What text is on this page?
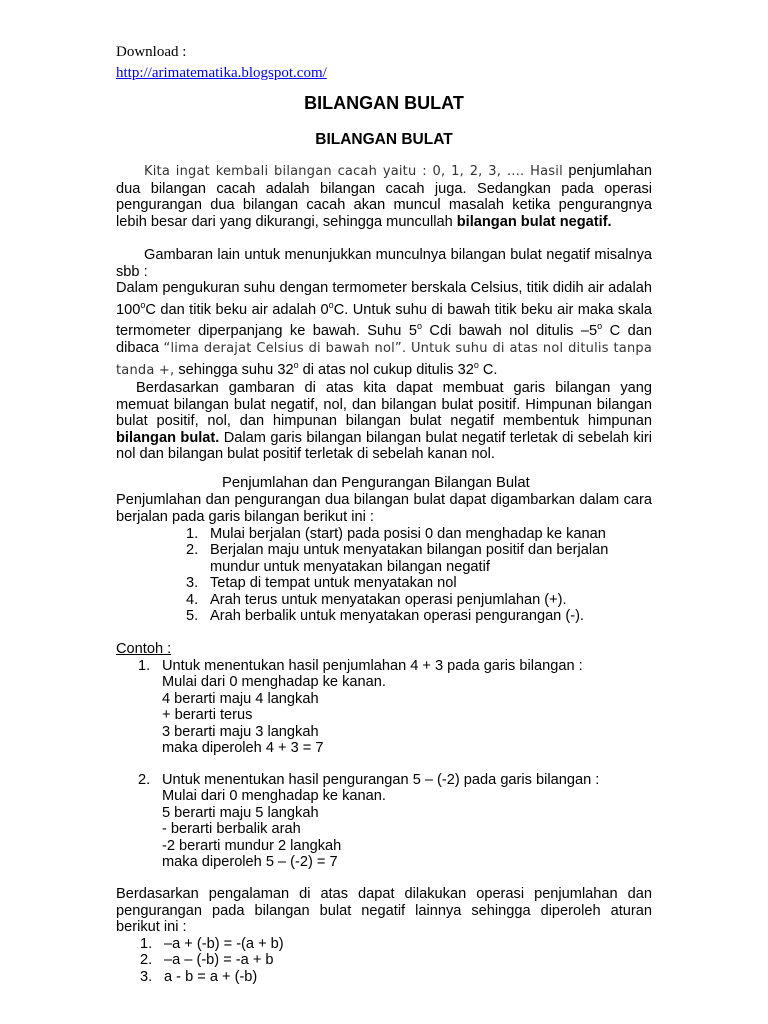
Download :
http://arimatematika.blogspot.com/
BILANGAN BULAT
BILANGAN BULAT

Kita ingat kembali bilangan cacah yaitu : 0, 1, 2, 3, …. Hasil penjumlahan dua bilangan cacah adalah bilangan cacah juga. Sedangkan pada operasi pengurangan dua bilangan cacah akan muncul masalah ketika pengurangnya lebih besar dari yang dikurangi, sehingga muncullah bilangan bulat negatif.

Gambaran lain untuk menunjukkan munculnya bilangan bulat negatif misalnya sbb :

Dalam pengukuran suhu dengan termometer berskala Celsius, titik didih air adalah 100$^o$C dan titik beku air adalah 0$^o$C. Untuk suhu di bawah titik beku air maka skala termometer diperpanjang ke bawah. Suhu 5$^o$ Cdi bawah nol ditulis –5$^o$ C dan dibaca “lima derajat Celsius di bawah nol”. Untuk suhu di atas nol ditulis tanpa tanda +, sehingga suhu 32$^o$ di atas nol cukup ditulis 32$^o$ C.

Berdasarkan gambaran di atas kita dapat membuat garis bilangan yang memuat bilangan bulat negatif, nol, dan bilangan bulat positif. Himpunan bilangan bulat positif, nol, dan himpunan bilangan bulat negatif membentuk himpunan bilangan bulat. Dalam garis bilangan bilangan bulat negatif terletak di sebelah kiri nol dan bilangan bulat positif terletak di sebelah kanan nol.

Penjumlahan dan Pengurangan Bilangan Bulat
Penjumlahan dan pengurangan dua bilangan bulat dapat digambarkan dalam cara berjalan pada garis bilangan berikut ini :
1. Mulai berjalan (start) pada posisi 0 dan menghadap ke kanan
2. Berjalan maju untuk menyatakan bilangan positif dan berjalan mundur untuk menyatakan bilangan negatif
3. Tetap di tempat untuk menyatakan nol
4. Arah terus untuk menyatakan operasi penjumlahan (+).
5. Arah berbalik untuk menyatakan operasi pengurangan (-).
Contoh :
1. Untuk menentukan hasil penjumlahan 4 + 3 pada garis bilangan :
Mulai dari 0 menghadap ke kanan.
4 berarti maju 4 langkah
+ berarti terus
3 berarti maju 3 langkah
maka diperoleh 4 + 3 = 7
2. Untuk menentukan hasil pengurangan 5 – (-2) pada garis bilangan :
Mulai dari 0 menghadap ke kanan.
5 berarti maju 5 langkah
- berarti berbalik arah
-2 berarti mundur 2 langkah
maka diperoleh 5 – (-2) = 7
Berdasarkan pengalaman di atas dapat dilakukan operasi penjumlahan dan pengurangan pada bilangan bulat negatif lainnya sehingga diperoleh aturan berikut ini :
1. –a + (-b) = -(a + b)
2. –a – (-b) = -a + b
3. a - b = a + (-b)
